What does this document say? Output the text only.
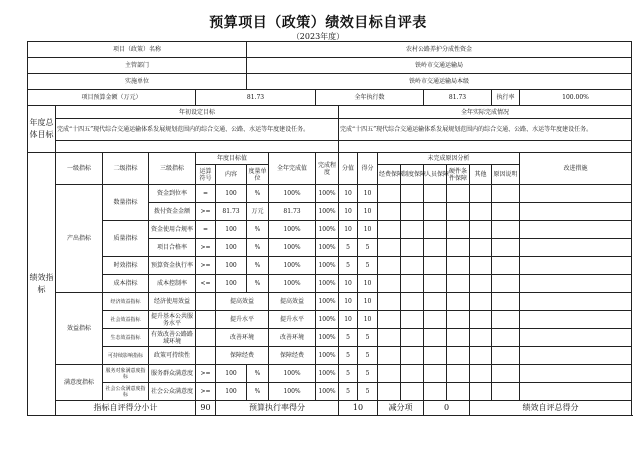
预算项目（政策）绩效目标自评表
（2023年度）
项目（政策）名称						农村公路养护分成性资金												
主管部门						铁岭市交通运输局												
实施单位						铁岭市交通运输局本级												
项目预算金额（万元）				81.73				全年执行数					81.73			执行率	100.00%	
年度总体目标	年初设定目标								全年实际完成情况									
	完成“十四五”现代综合交通运输体系发展规划范围内的综合交通、公路、水运等年度建设任务。								完成“十四五”现代综合交通运输体系发展规划范围内的综合交通、公路、水运等年度建设任务。									

绩效指标	一级指标	二级指标	三级指标	年度目标值			全年完成值	完成程度	分值	得分	未完成原因分析						改进措施	
				运算符号	内容	度量单位					经费保障	制度保障	人员保障	硬件条件保障	其他	原因说明		
	产出指标	数量指标	资金到位率	=	100	%	100%	100%	10	10								
			拨付资金金额	>=	81.73	万元	81.73	100%	10	10								
		质量指标	资金使用合规率	=	100	%	100%	100%	10	10								
			项目合格率	>=	100	%	100%	100%	5	5								
		时效指标	预算资金执行率	>=	100	%	100%	100%	5	5								
		成本指标	成本控制率	<=	100	%	100%	100%	10	10								
	效益指标	经济效益指标	经济使用效益		提高效益		提高效益	100%	10	10								
		社会效益指标	提升基本公共服务水平		提升水平		提升水平	100%	10	10								
		生态效益指标	有效改善公路路域环境		改善环境		改善环境	100%	5	5								
		可持续影响指标	政策可持续性		保障经费		保障经费	100%	5	5								
	满意度指标	服务对象满意度指标	服务群众满意度	>=	100	%	100%	100%	5	5								
		社会公众满意度指标	社会公众满意度	>=	100	%	100%	100%	5	5								
	指标自评得分小计			90	预算执行率得分				10		减分项		0		绩效自评总得分	
